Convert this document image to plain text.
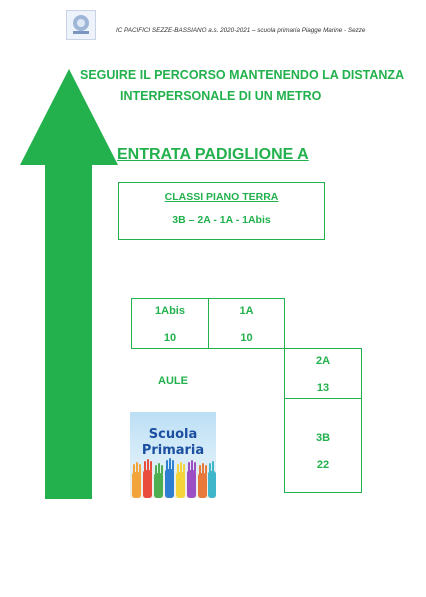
IC PACIFICI SEZZE-BASSIANO a.s. 2020-2021 – scuola primaria Piagge Marine - Sezze
SEGUIRE IL PERCORSO MANTENENDO LA DISTANZA
INTERPERSONALE DI UN METRO
ENTRATA PADIGLIONE A
CLASSI PIANO TERRA
3B – 2A - 1A - 1Abis
1Abis
10
1A
10
2A
13
3B
22
AULE
Scuola
Primaria
